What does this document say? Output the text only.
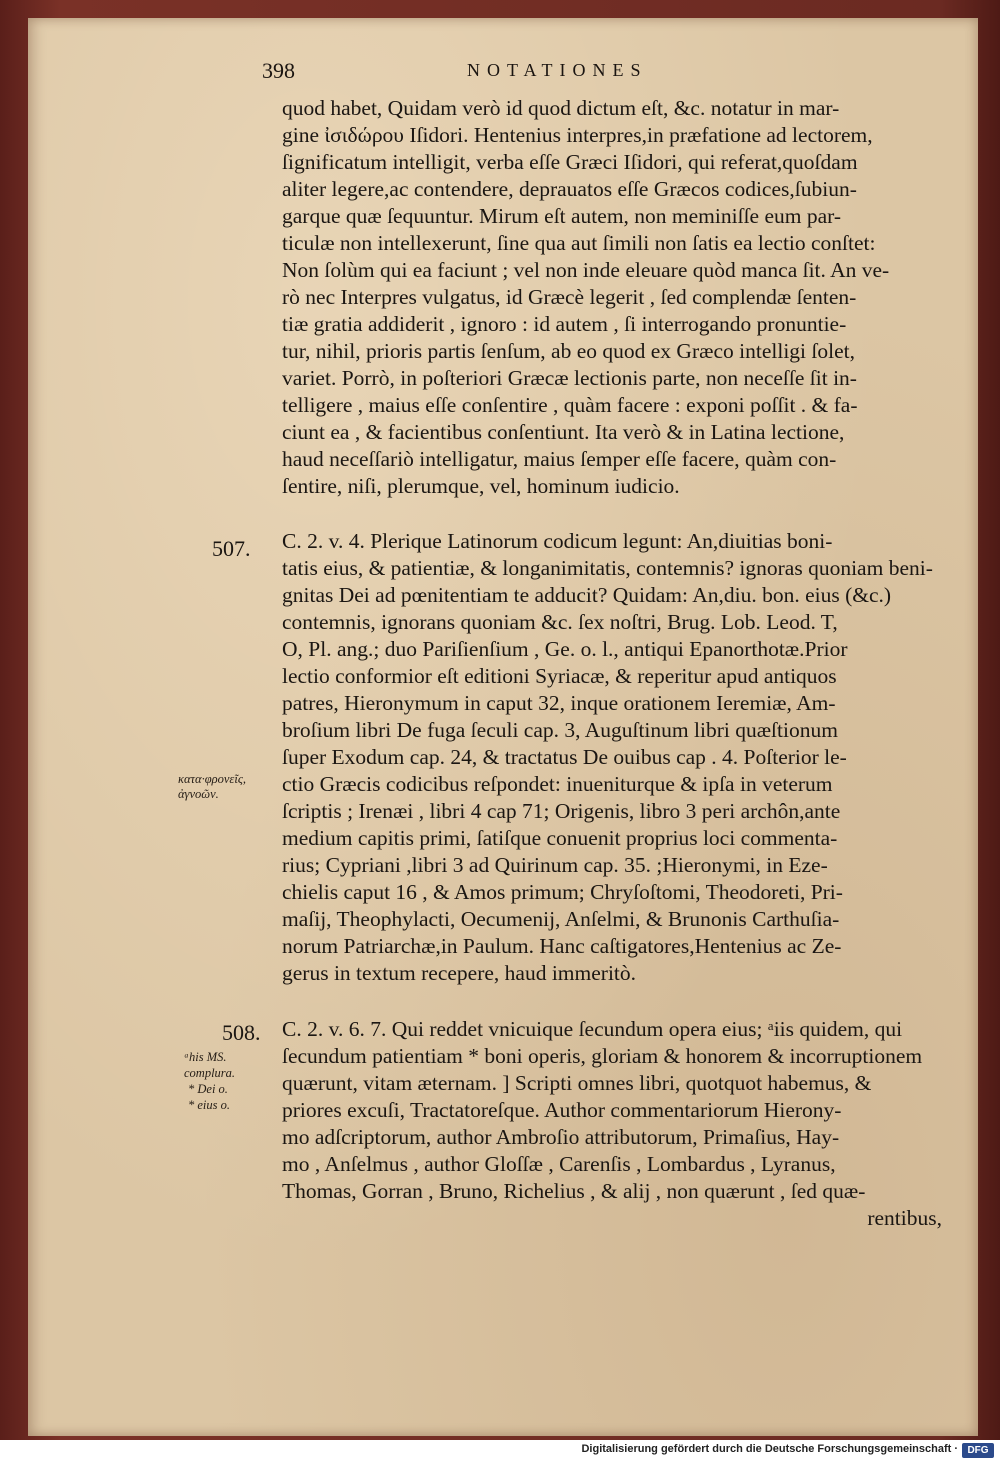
398	NOTATIONES
quod habet, Quidam verò id quod dictum eſt, &c. notatur in mar-
gine ἰσιδώρου Iſidori. Hentenius interpres,in præfatione ad lectorem,
ſignificatum intelligit, verba eſſe Græci Iſidori, qui referat,quoſdam
aliter legere,ac contendere, deprauatos eſſe Græcos codices,ſubiun-
garque quæ ſequuntur. Mirum eſt autem, non meminiſſe eum par-
ticulæ non intellexerunt, ſine qua aut ſimili non ſatis ea lectio conſtet:
Non ſolùm qui ea faciunt ; vel non inde eleuare quòd manca ſit. An ve-
rò nec Interpres vulgatus, id Græcè legerit , ſed complendæ ſenten-
tiæ gratia addiderit , ignoro : id autem , ſi interrogando pronuntie-
tur, nihil, prioris partis ſenſum, ab eo quod ex Græco intelligi ſolet,
variet. Porrò, in poſteriori Græcæ lectionis parte, non neceſſe ſit in-
telligere , maius eſſe conſentire , quàm facere : exponi poſſit . & fa-
ciunt ea , & facientibus conſentiunt. Ita verò & in Latina lectione,
haud neceſſariò intelligatur, maius ſemper eſſe facere, quàm con-
ſentire, niſi, plerumque, vel, hominum iudicio.
C. 2. v. 4. Plerique Latinorum codicum legunt: An,diuitias boni-
tatis eius, & patientiæ, & longanimitatis, contemnis? ignoras quoniam beni-
gnitas Dei ad pœnitentiam te adducit? Quidam: An,diu. bon. eius (&c.)
contemnis, ignorans quoniam &c. ſex noſtri, Brug. Lob. Leod. T,
O, Pl. ang.; duo Pariſienſium , Ge. o. l., antiqui Epanorthotæ.Prior
lectio conformior eſt editioni Syriacæ, & reperitur apud antiquos
patres, Hieronymum in caput 32, inque orationem Ieremiæ, Am-
broſium libri De fuga ſeculi cap. 3, Auguſtinum libri quæſtionum
ſuper Exodum cap. 24, & tractatus De ouibus cap . 4. Poſterior le-
ctio Græcis codicibus reſpondet: inueniturque & ipſa in veterum
ſcriptis ; Irenæi , libri 4 cap 71; Origenis, libro 3 peri archôn,ante
medium capitis primi, ſatiſque conuenit proprius loci commenta-
rius; Cypriani ,libri 3 ad Quirinum cap. 35. ;Hieronymi, in Eze-
chielis caput 16 , & Amos primum; Chryſoſtomi, Theodoreti, Pri-
maſij, Theophylacti, Oecumenij, Anſelmi, & Brunonis Carthuſia-
norum Patriarchæ,in Paulum. Hanc caſtigatores,Hentenius ac Ze-
gerus in textum recepere, haud immeritò.
C. 2. v. 6. 7. Qui reddet vnicuique ſecundum opera eius; ᵃiis quidem, qui
ſecundum patientiam * boni operis, gloriam & honorem & incorruptionem
quærunt, vitam æternam. ] Scripti omnes libri, quotquot habemus, &
priores excuſi, Tractatoreſque. Author commentariorum Hierony-
mo adſcriptorum, author Ambroſio attributorum, Primaſius, Hay-
mo , Anſelmus , author Gloſſæ , Carenſis , Lombardus , Lyranus,
Thomas, Gorran , Bruno, Richelius , & alij , non quærunt , ſed quæ-
rentibus,
507.
508.
κατα·φρονεῖς,
ἀγνοῶν.
ᵃhis MS.
complura.
* Dei o.
* eius o.
Digitalisierung gefördert durch die Deutsche Forschungsgemeinschaft · DFG
